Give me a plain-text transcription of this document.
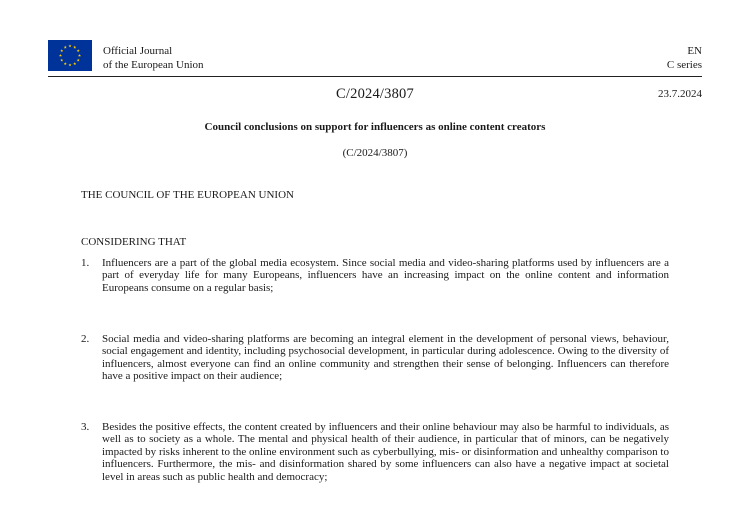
Official Journal
of the European Union
EN
C series
C/2024/3807	23.7.2024
Council conclusions on support for influencers as online content creators
(C/2024/3807)
THE COUNCIL OF THE EUROPEAN UNION
CONSIDERING THAT
1. Influencers are a part of the global media ecosystem. Since social media and video-sharing platforms used by influencers are a part of everyday life for many Europeans, influencers have an increasing impact on the online content and information Europeans consume on a regular basis;
2. Social media and video-sharing platforms are becoming an integral element in the development of personal views, behaviour, social engagement and identity, including psychosocial development, in particular during adolescence. Owing to the diversity of influencers, almost everyone can find an online community and strengthen their sense of belonging. Influencers can therefore have a positive impact on their audience;
3. Besides the positive effects, the content created by influencers and their online behaviour may also be harmful to individuals, as well as to society as a whole. The mental and physical health of their audience, in particular that of minors, can be negatively impacted by risks inherent to the online environment such as cyberbullying, mis- or disinformation and unhealthy comparison to influencers. Furthermore, the mis- and disinformation shared by some influencers can also have a negative impact at societal level in areas such as public health and democracy;
